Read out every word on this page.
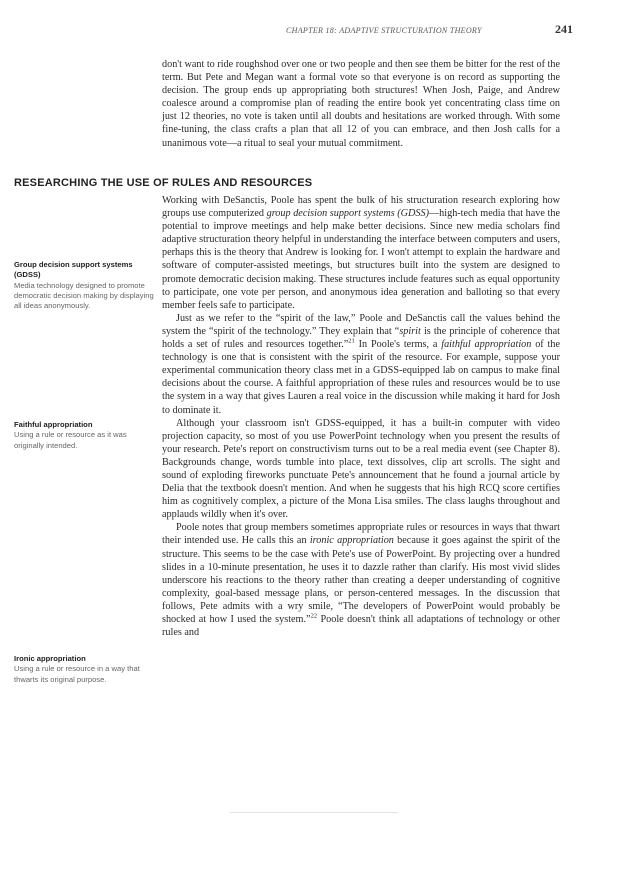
CHAPTER 18: ADAPTIVE STRUCTURATION THEORY	241

don't want to ride roughshod over one or two people and then see them be bitter for the rest of the term. But Pete and Megan want a formal vote so that everyone is on record as supporting the decision. The group ends up appropriating both structures! When Josh, Paige, and Andrew coalesce around a compromise plan of reading the entire book yet concentrating class time on just 12 theories, no vote is taken until all doubts and hesitations are worked through. With some fine-tuning, the class crafts a plan that all 12 of you can embrace, and then Josh calls for a unanimous vote—a ritual to seal your mutual commitment.

RESEARCHING THE USE OF RULES AND RESOURCES

Working with DeSanctis, Poole has spent the bulk of his structuration research exploring how groups use computerized group decision support systems (GDSS)—high-tech media that have the potential to improve meetings and help make better decisions. Since new media scholars find adaptive structuration theory helpful in understanding the interface between computers and users, perhaps this is the theory that Andrew is looking for. I won't attempt to explain the hardware and software of computer-assisted meetings, but structures built into the system are designed to promote democratic decision making. These structures include features such as equal opportunity to participate, one vote per person, and anonymous idea generation and balloting so that every member feels safe to participate.

Just as we refer to the “spirit of the law,” Poole and DeSanctis call the values behind the system the “spirit of the technology.” They explain that “spirit is the principle of coherence that holds a set of rules and resources together.”$^{21}$ In Poole's terms, a faithful appropriation of the technology is one that is consistent with the spirit of the resource. For example, suppose your experimental communication theory class met in a GDSS-equipped lab on campus to make final decisions about the course. A faithful appropriation of these rules and resources would be to use the system in a way that gives Lauren a real voice in the discussion while making it hard for Josh to dominate it.

Although your classroom isn't GDSS-equipped, it has a built-in computer with video projection capacity, so most of you use PowerPoint technology when you present the results of your research. Pete's report on constructivism turns out to be a real media event (see Chapter 8). Backgrounds change, words tumble into place, text dissolves, clip art scrolls. The sight and sound of exploding fireworks punctuate Pete's announcement that he found a journal article by Delia that the textbook doesn't mention. And when he suggests that his high RCQ score certifies him as cognitively complex, a picture of the Mona Lisa smiles. The class laughs throughout and applauds wildly when it's over.

Poole notes that group members sometimes appropriate rules or resources in ways that thwart their intended use. He calls this an ironic appropriation because it goes against the spirit of the structure. This seems to be the case with Pete's use of PowerPoint. By projecting over a hundred slides in a 10-minute presentation, he uses it to dazzle rather than clarify. His most vivid slides underscore his reactions to the theory rather than creating a deeper understanding of cognitive complexity, goal-based message plans, or person-centered messages. In the discussion that follows, Pete admits with a wry smile, “The developers of PowerPoint would probably be shocked at how I used the system.”$^{22}$ Poole doesn't think all adaptations of technology or other rules and

Group decision support systems (GDSS)
Media technology designed to promote democratic decision making by displaying all ideas anonymously.
Faithful appropriation
Using a rule or resource as it was originally intended.
Ironic appropriation
Using a rule or resource in a way that thwarts its original purpose.
